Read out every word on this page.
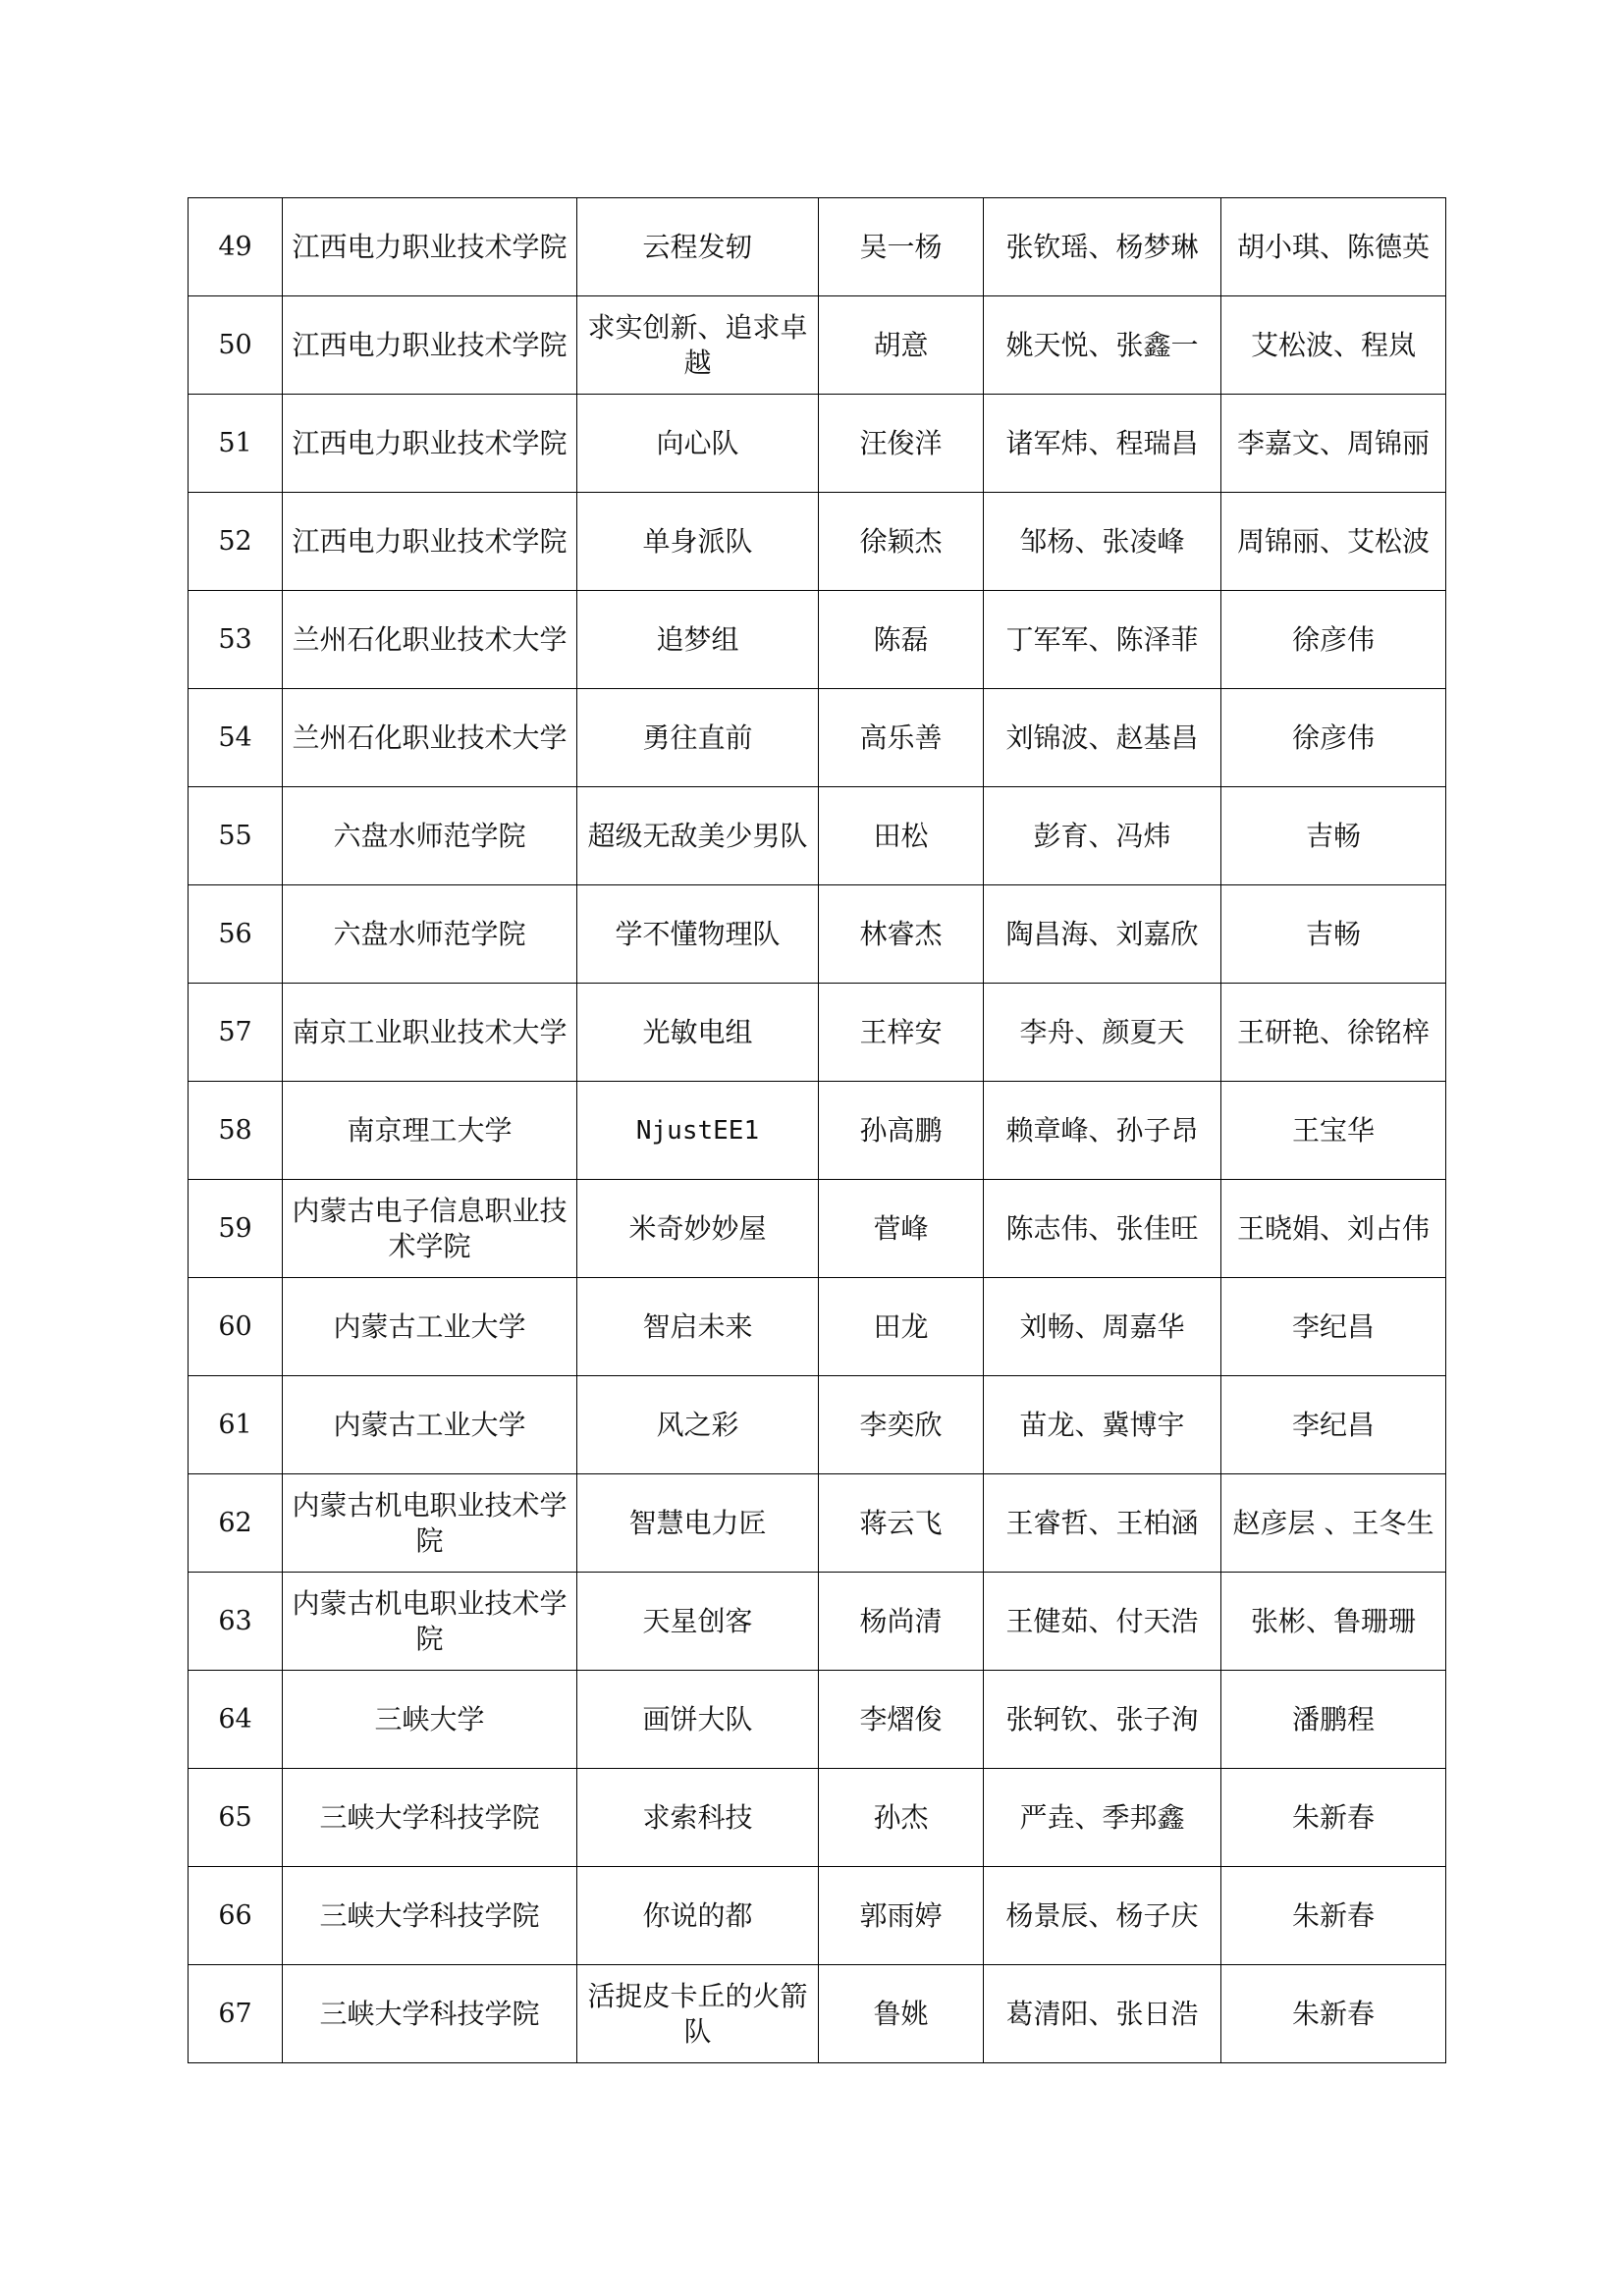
49	江西电力职业技术学院	云程发轫	吴一杨	张钦瑶、杨梦琳	胡小琪、陈德英
50	江西电力职业技术学院	求实创新、追求卓越	胡意	姚天悦、张鑫一	艾松波、程岚
51	江西电力职业技术学院	向心队	汪俊洋	诸军炜、程瑞昌	李嘉文、周锦丽
52	江西电力职业技术学院	单身派队	徐颖杰	邹杨、张凌峰	周锦丽、艾松波
53	兰州石化职业技术大学	追梦组	陈磊	丁军军、陈泽菲	徐彦伟
54	兰州石化职业技术大学	勇往直前	高乐善	刘锦波、赵基昌	徐彦伟
55	六盘水师范学院	超级无敌美少男队	田松	彭育、冯炜	吉畅
56	六盘水师范学院	学不懂物理队	林睿杰	陶昌海、刘嘉欣	吉畅
57	南京工业职业技术大学	光敏电组	王梓安	李舟、颜夏天	王研艳、徐铭梓
58	南京理工大学	NjustEE1	孙高鹏	赖章峰、孙子昂	王宝华
59	内蒙古电子信息职业技术学院	米奇妙妙屋	菅峰	陈志伟、张佳旺	王晓娟、刘占伟
60	内蒙古工业大学	智启未来	田龙	刘畅、周嘉华	李纪昌
61	内蒙古工业大学	风之彩	李奕欣	苗龙、冀博宇	李纪昌
62	内蒙古机电职业技术学院	智慧电力匠	蒋云飞	王睿哲、王柏涵	赵彦层 、王冬生
63	内蒙古机电职业技术学院	天星创客	杨尚清	王健茹、付天浩	张彬、鲁珊珊
64	三峡大学	画饼大队	李熠俊	张轲钦、张子洵	潘鹏程
65	三峡大学科技学院	求索科技	孙杰	严垚、季邦鑫	朱新春
66	三峡大学科技学院	你说的都	郭雨婷	杨景辰、杨子庆	朱新春
67	三峡大学科技学院	活捉皮卡丘的火箭队	鲁姚	葛清阳、张日浩	朱新春
